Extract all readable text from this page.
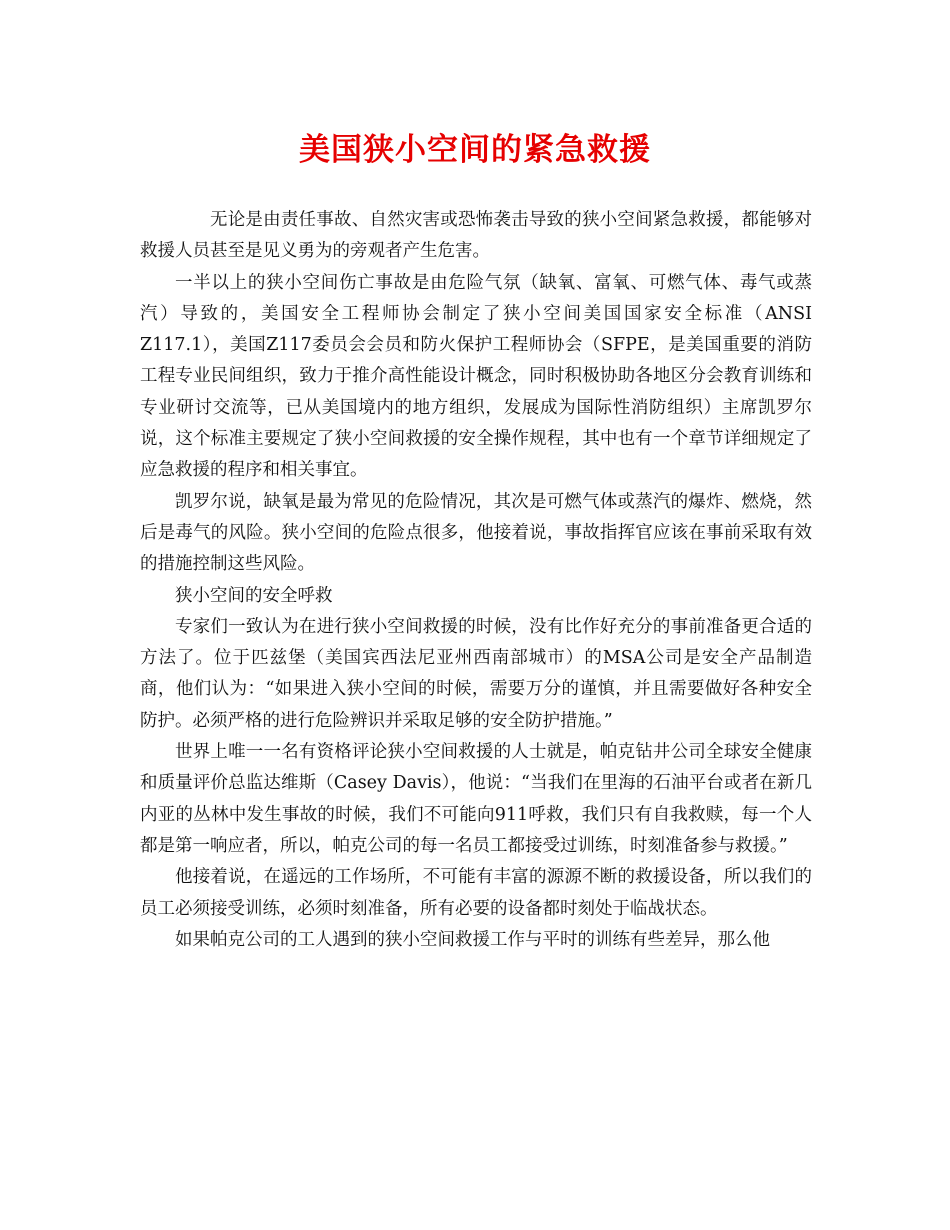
美国狭小空间的紧急救援

无论是由责任事故、自然灾害或恐怖袭击导致的狭小空间紧急救援，都能够对救援人员甚至是见义勇为的旁观者产生危害。

一半以上的狭小空间伤亡事故是由危险气氛（缺氧、富氧、可燃气体、毒气或蒸汽）导致的，美国安全工程师协会制定了狭小空间美国国家安全标准（ANSI Z117.1），美国Z117委员会会员和防火保护工程师协会（SFPE，是美国重要的消防工程专业民间组织，致力于推介高性能设计概念，同时积极协助各地区分会教育训练和专业研讨交流等，已从美国境内的地方组织，发展成为国际性消防组织）主席凯罗尔说，这个标准主要规定了狭小空间救援的安全操作规程，其中也有一个章节详细规定了应急救援的程序和相关事宜。

凯罗尔说，缺氧是最为常见的危险情况，其次是可燃气体或蒸汽的爆炸、燃烧，然后是毒气的风险。狭小空间的危险点很多，他接着说，事故指挥官应该在事前采取有效的措施控制这些风险。

狭小空间的安全呼救

专家们一致认为在进行狭小空间救援的时候，没有比作好充分的事前准备更合适的方法了。位于匹兹堡（美国宾西法尼亚州西南部城市）的MSA公司是安全产品制造商，他们认为：“如果进入狭小空间的时候，需要万分的谨慎，并且需要做好各种安全防护。必须严格的进行危险辨识并采取足够的安全防护措施。”

世界上唯一一名有资格评论狭小空间救援的人士就是，帕克钻井公司全球安全健康和质量评价总监达维斯（Casey Davis），他说：“当我们在里海的石油平台或者在新几内亚的丛林中发生事故的时候，我们不可能向911呼救，我们只有自我救赎，每一个人都是第一响应者，所以，帕克公司的每一名员工都接受过训练，时刻准备参与救援。”

他接着说，在遥远的工作场所，不可能有丰富的源源不断的救援设备，所以我们的员工必须接受训练，必须时刻准备，所有必要的设备都时刻处于临战状态。

如果帕克公司的工人遇到的狭小空间救援工作与平时的训练有些差异，那么他
